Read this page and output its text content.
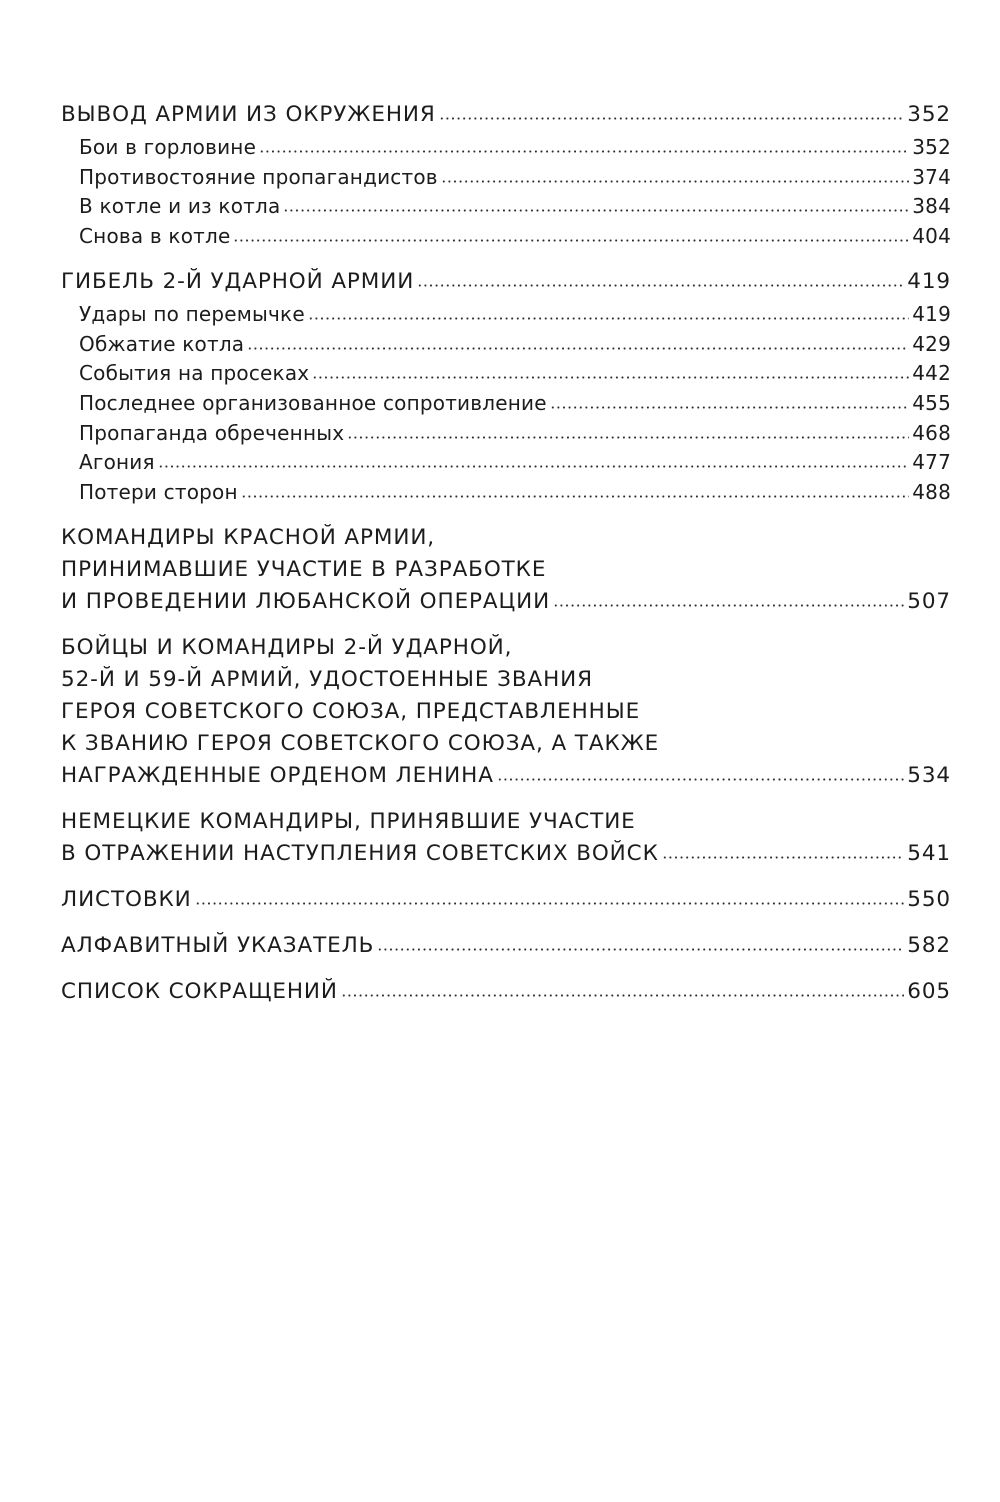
ВЫВОД АРМИИ ИЗ ОКРУЖЕНИЯ	352
Бои в горловине	352
Противостояние пропагандистов	374
В котле и из котла	384
Снова в котле	404
ГИБЕЛЬ 2-Й УДАРНОЙ АРМИИ	419
Удары по перемычке	419
Обжатие котла	429
События на просеках	442
Последнее организованное сопротивление	455
Пропаганда обреченных	468
Агония	477
Потери сторон	488
КОМАНДИРЫ КРАСНОЙ АРМИИ,
ПРИНИМАВШИЕ УЧАСТИЕ В РАЗРАБОТКЕ
И ПРОВЕДЕНИИ ЛЮБАНСКОЙ ОПЕРАЦИИ	507
БОЙЦЫ И КОМАНДИРЫ 2-Й УДАРНОЙ,
52-Й И 59-Й АРМИЙ, УДОСТОЕННЫЕ ЗВАНИЯ
ГЕРОЯ СОВЕТСКОГО СОЮЗА, ПРЕДСТАВЛЕННЫЕ
К ЗВАНИЮ ГЕРОЯ СОВЕТСКОГО СОЮЗА, А ТАКЖЕ
НАГРАЖДЕННЫЕ ОРДЕНОМ ЛЕНИНА	534
НЕМЕЦКИЕ КОМАНДИРЫ, ПРИНЯВШИЕ УЧАСТИЕ
В ОТРАЖЕНИИ НАСТУПЛЕНИЯ СОВЕТСКИХ ВОЙСК	541
ЛИСТОВКИ	550
АЛФАВИТНЫЙ УКАЗАТЕЛЬ	582
СПИСОК СОКРАЩЕНИЙ	605
